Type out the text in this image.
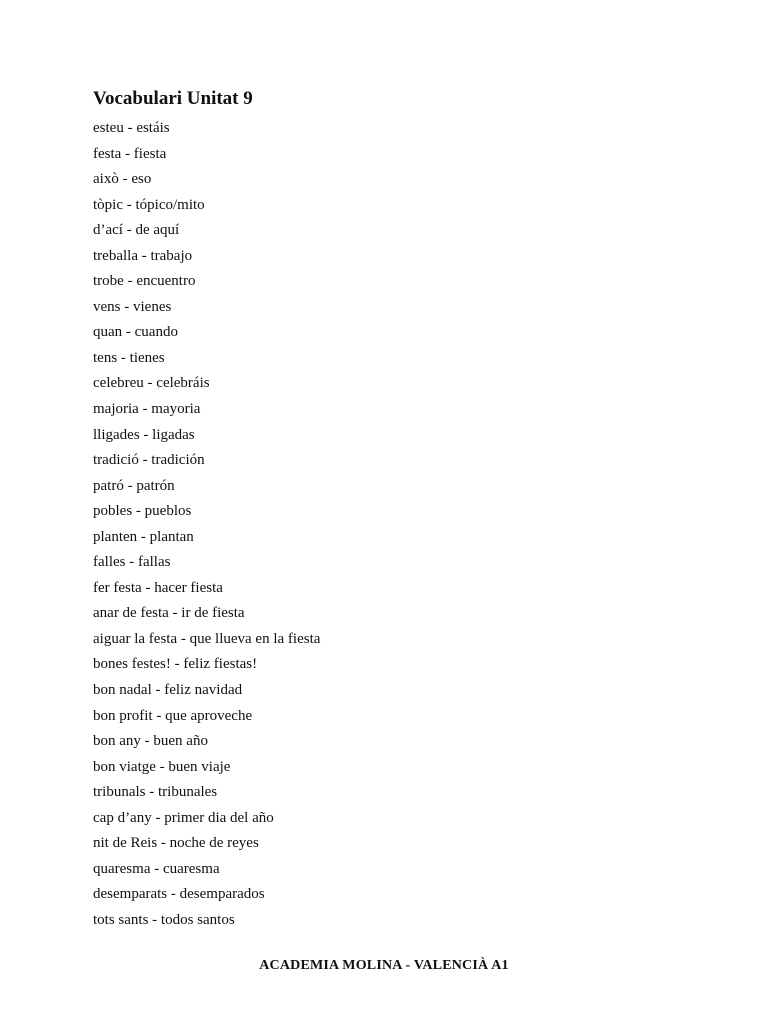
Vocabulari Unitat 9
esteu - estáis
festa - fiesta
això - eso
tòpic - tópico/mito
d’ací - de aquí
treballa - trabajo
trobe - encuentro
vens - vienes
quan - cuando
tens - tienes
celebreu - celebráis
majoria - mayoria
lligades - ligadas
tradició - tradición
patró - patrón
pobles - pueblos
planten - plantan
falles - fallas
fer festa - hacer fiesta
anar de festa - ir de fiesta
aiguar la festa - que llueva en la fiesta
bones festes! - feliz fiestas!
bon nadal - feliz navidad
bon profit - que aproveche
bon any - buen año
bon viatge - buen viaje
tribunals - tribunales
cap d’any - primer dia del año
nit de Reis - noche de reyes
quaresma - cuaresma
desemparats - desemparados
tots sants - todos santos
ACADEMIA MOLINA - VALENCIÀ A1
